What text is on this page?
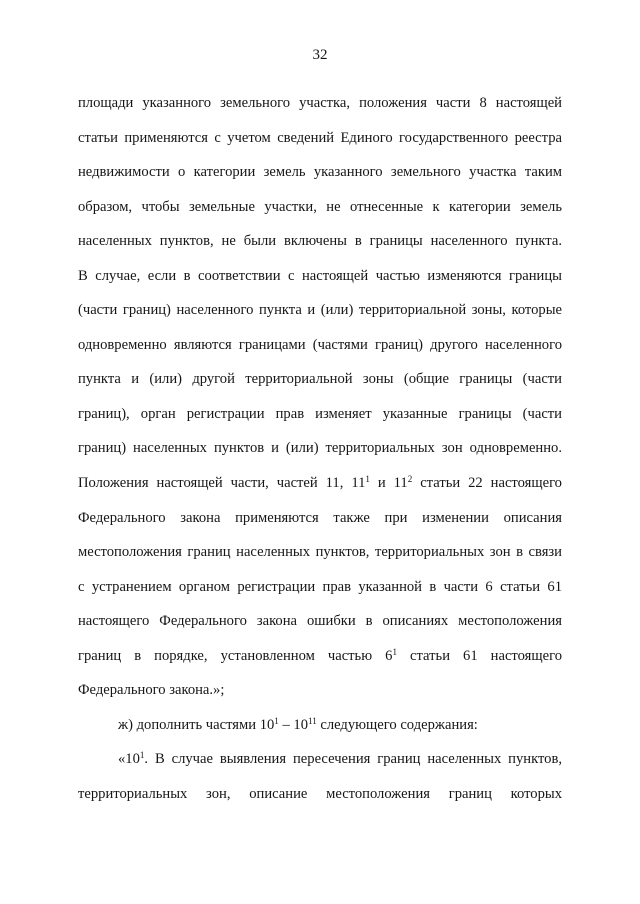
32
площади указанного земельного участка, положения части 8 настоящей
статьи применяются с учетом сведений Единого государственного реестра
недвижимости о категории земель указанного земельного участка таким
образом, чтобы земельные участки, не отнесенные к категории земель
населенных пунктов, не были включены в границы населенного пункта.
В случае, если в соответствии с настоящей частью изменяются границы
(части границ) населенного пункта и (или) территориальной зоны, которые
одновременно являются границами (частями границ) другого населенного
пункта и (или) другой территориальной зоны (общие границы (части
границ), орган регистрации прав изменяет указанные границы (части
границ) населенных пунктов и (или) территориальных зон одновременно.
Положения настоящей части, частей 11, $11^1$ и $11^2$ статьи 22 настоящего
Федерального закона применяются также при изменении описания
местоположения границ населенных пунктов, территориальных зон в связи
с устранением органом регистрации прав указанной в части 6 статьи 61
настоящего Федерального закона ошибки в описаниях местоположения
границ в порядке, установленном частью $6^1$ статьи 61 настоящего
Федерального закона.»;
ж) дополнить частями $10^1 - 10^{11}$ следующего содержания:
«$10^1$. В случае выявления пересечения границ населенных пунктов,
территориальных зон, описание местоположения границ которых
